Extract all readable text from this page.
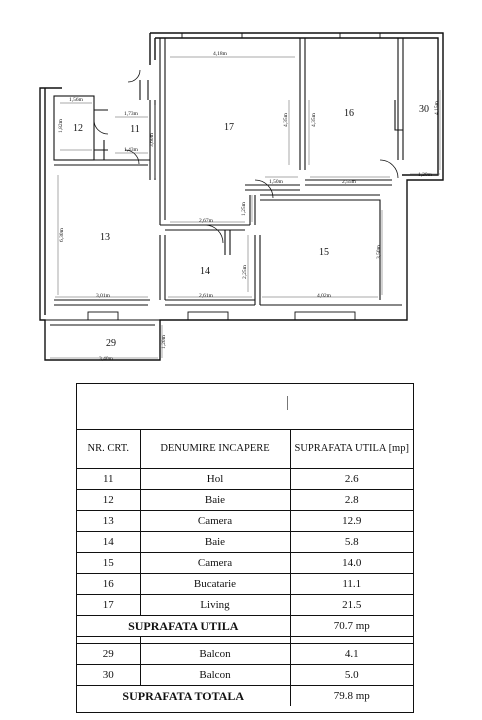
4,18m
1,56m
1,73m
1,82m
1,43m
3,60m
4,35m	4,35m
4,15m
1,50m	2,55m
1,20m
1,25m
2,67m
6,30m
3,50m
2,25m
3,01m	2,61m	4,02m
1,20m
3,40m
11
12
13
14
15
16
17
29
30
NR. CRT.	DENUMIRE INCAPERE	SUPRAFATA UTILA [mp]
11	Hol	2.6
12	Baie	2.8
13	Camera	12.9
14	Baie	5.8
15	Camera	14.0
16	Bucatarie	11.1
17	Living	21.5
SUPRAFATA UTILA		70.7 mp

29	Balcon	4.1
30	Balcon	5.0
SUPRAFATA TOTALA		79.8 mp
